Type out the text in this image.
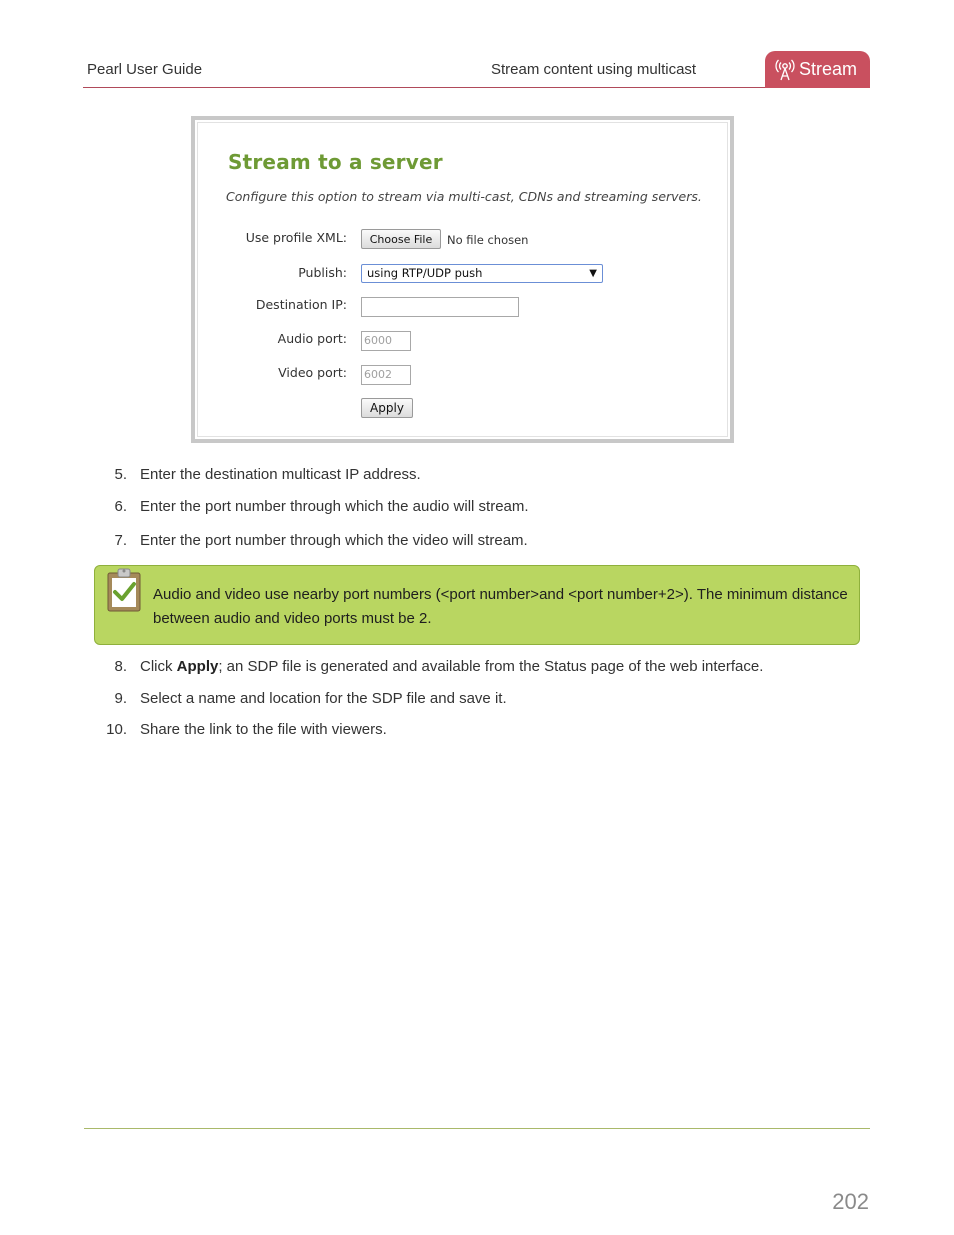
Pearl User Guide	Stream content using multicast	Stream
Stream to a server
Configure this option to stream via multi-cast, CDNs and streaming servers.
Use profile XML:	Choose File	No file chosen
Publish:	using RTP/UDP push	▼
Destination IP:
Audio port: 6000
Video port: 6002
Apply
5. Enter the destination multicast IP address.
6. Enter the port number through which the audio will stream.
7. Enter the port number through which the video will stream.
Audio and video use nearby port numbers (<port number>and <port number+2>). The minimum distance between audio and video ports must be 2.
8. Click Apply; an SDP file is generated and available from the Status page of the web interface.
9. Select a name and location for the SDP file and save it.
10. Share the link to the file with viewers.
202
